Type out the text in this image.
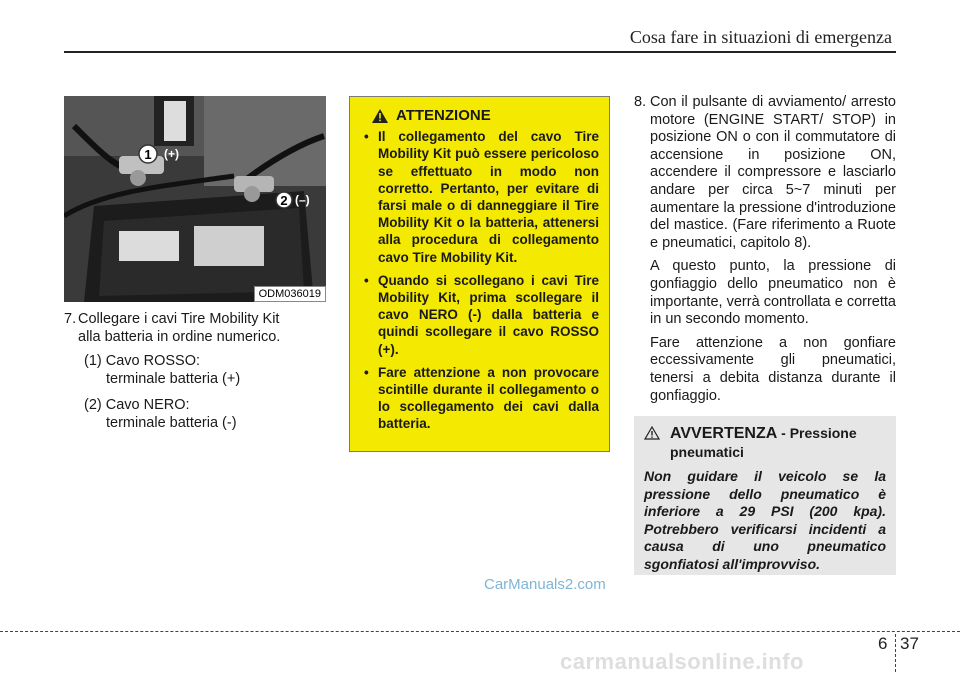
Cosa fare in situazioni di emergenza
1 (+)
2 (–)
ODM036019

7. Collegare i cavi Tire Mobility Kit
alla batteria in ordine numerico.

(1) Cavo ROSSO:
terminale batteria (+)
(2) Cavo NERO:
terminale batteria (-)
ATTENZIONE
• Il collegamento del cavo Tire Mobility Kit può essere pericoloso se effettuato in modo non corretto. Pertanto, per evitare di farsi male o di danneggiare il Tire Mobility Kit o la batteria, attenersi alla procedura di collegamento cavo Tire Mobility Kit.
• Quando si scollegano i cavi Tire Mobility Kit, prima scollegare il cavo NERO (-) dalla batteria e quindi scollegare il cavo ROSSO (+).
• Fare attenzione a non provocare scintille durante il collegamento o lo scollegamento dei cavi dalla batteria.

8. Con il pulsante di avviamento/ arresto motore (ENGINE START/ STOP) in posizione ON o con il commutatore di accensione in posizione ON, accendere il compressore e lasciarlo andare per circa 5~7 minuti per aumentare la pressione d'introduzione del mastice. (Fare riferimento a Ruote e pneumatici, capitolo 8).

A questo punto, la pressione di gonfiaggio dello pneumatico non è importante, verrà controllata e corretta in un secondo momento.

Fare attenzione a non gonfiare eccessivamente gli pneumatici, tenersi a debita distanza durante il gonfiaggio.

AVVERTENZA - Pressione pneumatici
Non guidare il veicolo se la pressione dello pneumatico è inferiore a 29 PSI (200 kpa). Potrebbero verificarsi incidenti a causa di uno pneumatico sgonfiatosi all'improvviso.
CarManuals2.com
6 37
carmanualsonline.info
